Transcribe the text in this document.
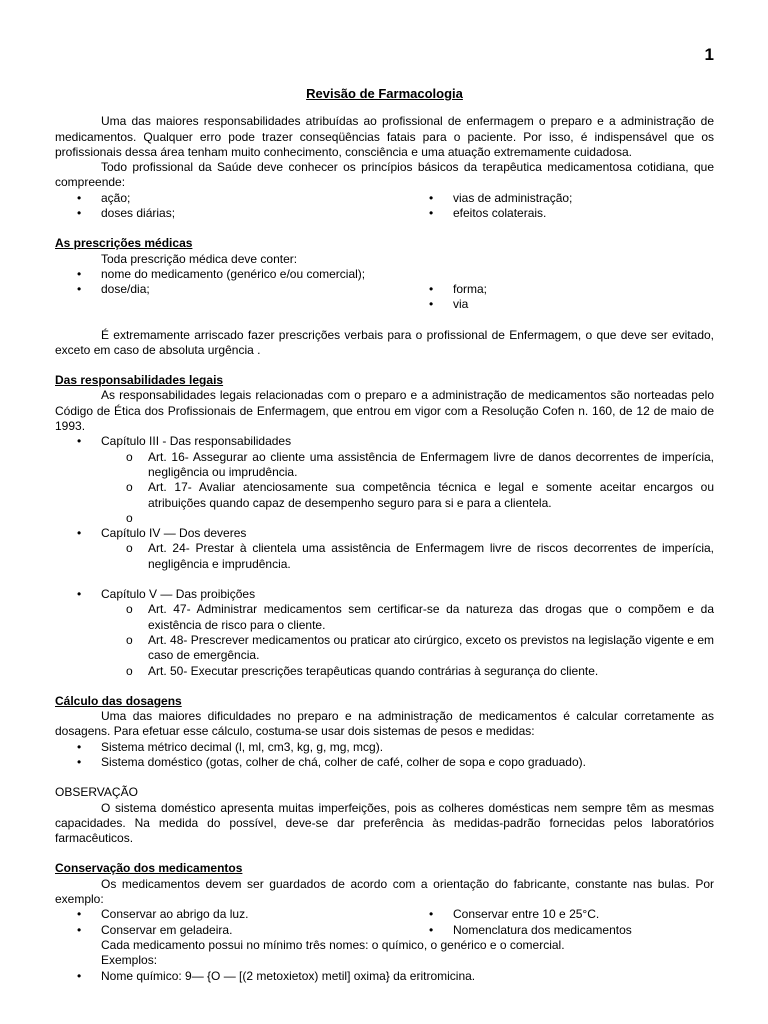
1
Revisão de Farmacologia

Uma das maiores responsabilidades atribuídas ao profissional de enfermagem o preparo e a administração de medicamentos. Qualquer erro pode trazer conseqüências fatais para o paciente. Por isso, é indispensável que os profissionais dessa área tenham muito conhecimento, consciência e uma atuação extremamente cuidadosa.

Todo profissional da Saúde deve conhecer os princípios básicos da terapêutica medicamentosa cotidiana, que compreende:

• ação;
• doses diárias;
• vias de administração;
• efeitos colaterais.

As prescrições médicas

Toda prescrição médica deve conter:

• nome do medicamento (genérico e/ou comercial);
• dose/dia;
•	forma;
• via

É extremamente arriscado fazer prescrições verbais para o profissional de Enfermagem, o que deve ser evitado, exceto em caso de absoluta urgência .

Das responsabilidades legais

As responsabilidades legais relacionadas com o preparo e a administração de medicamentos são norteadas pelo Código de Ética dos Profissionais de Enfermagem, que entrou em vigor com a Resolução Cofen n. 160, de 12 de maio de 1993.

• Capítulo III - Das responsabilidades
o Art. 16- Assegurar ao cliente uma assistência de Enfermagem livre de danos decorrentes de imperícia, negligência ou imprudência.
o Art. 17- Avaliar atenciosamente sua competência técnica e legal e somente aceitar encargos ou atribuições quando capaz de desempenho seguro para si e para a clientela.
o
• Capítulo IV — Dos deveres
o Art. 24- Prestar à clientela uma assistência de Enfermagem livre de riscos decorrentes de imperícia, negligência e imprudência.
• Capítulo V — Das proibições
o Art. 47- Administrar medicamentos sem certificar-se da natureza das drogas que o compõem e da existência de risco para o cliente.
o Art. 48- Prescrever medicamentos ou praticar ato cirúrgico, exceto os previstos na legislação vigente e em caso de emergência.
o Art. 50- Executar prescrições terapêuticas quando contrárias à segurança do cliente.

Cálculo das dosagens

Uma das maiores dificuldades no preparo e na administração de medicamentos é calcular corretamente as dosagens. Para efetuar esse cálculo, costuma-se usar dois sistemas de pesos e medidas:

• Sistema métrico decimal (l, ml, cm3, kg, g, mg, mcg).
• Sistema doméstico (gotas, colher de chá, colher de café, colher de sopa e copo graduado).

OBSERVAÇÃO

O sistema doméstico apresenta muitas imperfeições, pois as colheres domésticas nem sempre têm as mesmas capacidades. Na medida do possível, deve-se dar preferência às medidas-padrão fornecidas pelos laboratórios farmacêuticos.

Conservação dos medicamentos

Os medicamentos devem ser guardados de acordo com a orientação do fabricante, constante nas bulas. Por exemplo:

• Conservar ao abrigo da luz.
• Conservar em geladeira.
• Conservar entre 10 e 25°C.
• Nomenclatura dos medicamentos

Cada medicamento possui no mínimo três nomes: o químico, o genérico e o comercial.

Exemplos:

• Nome químico: 9— {O — [(2 metoxietox) metil] oxima} da eritromicina.
